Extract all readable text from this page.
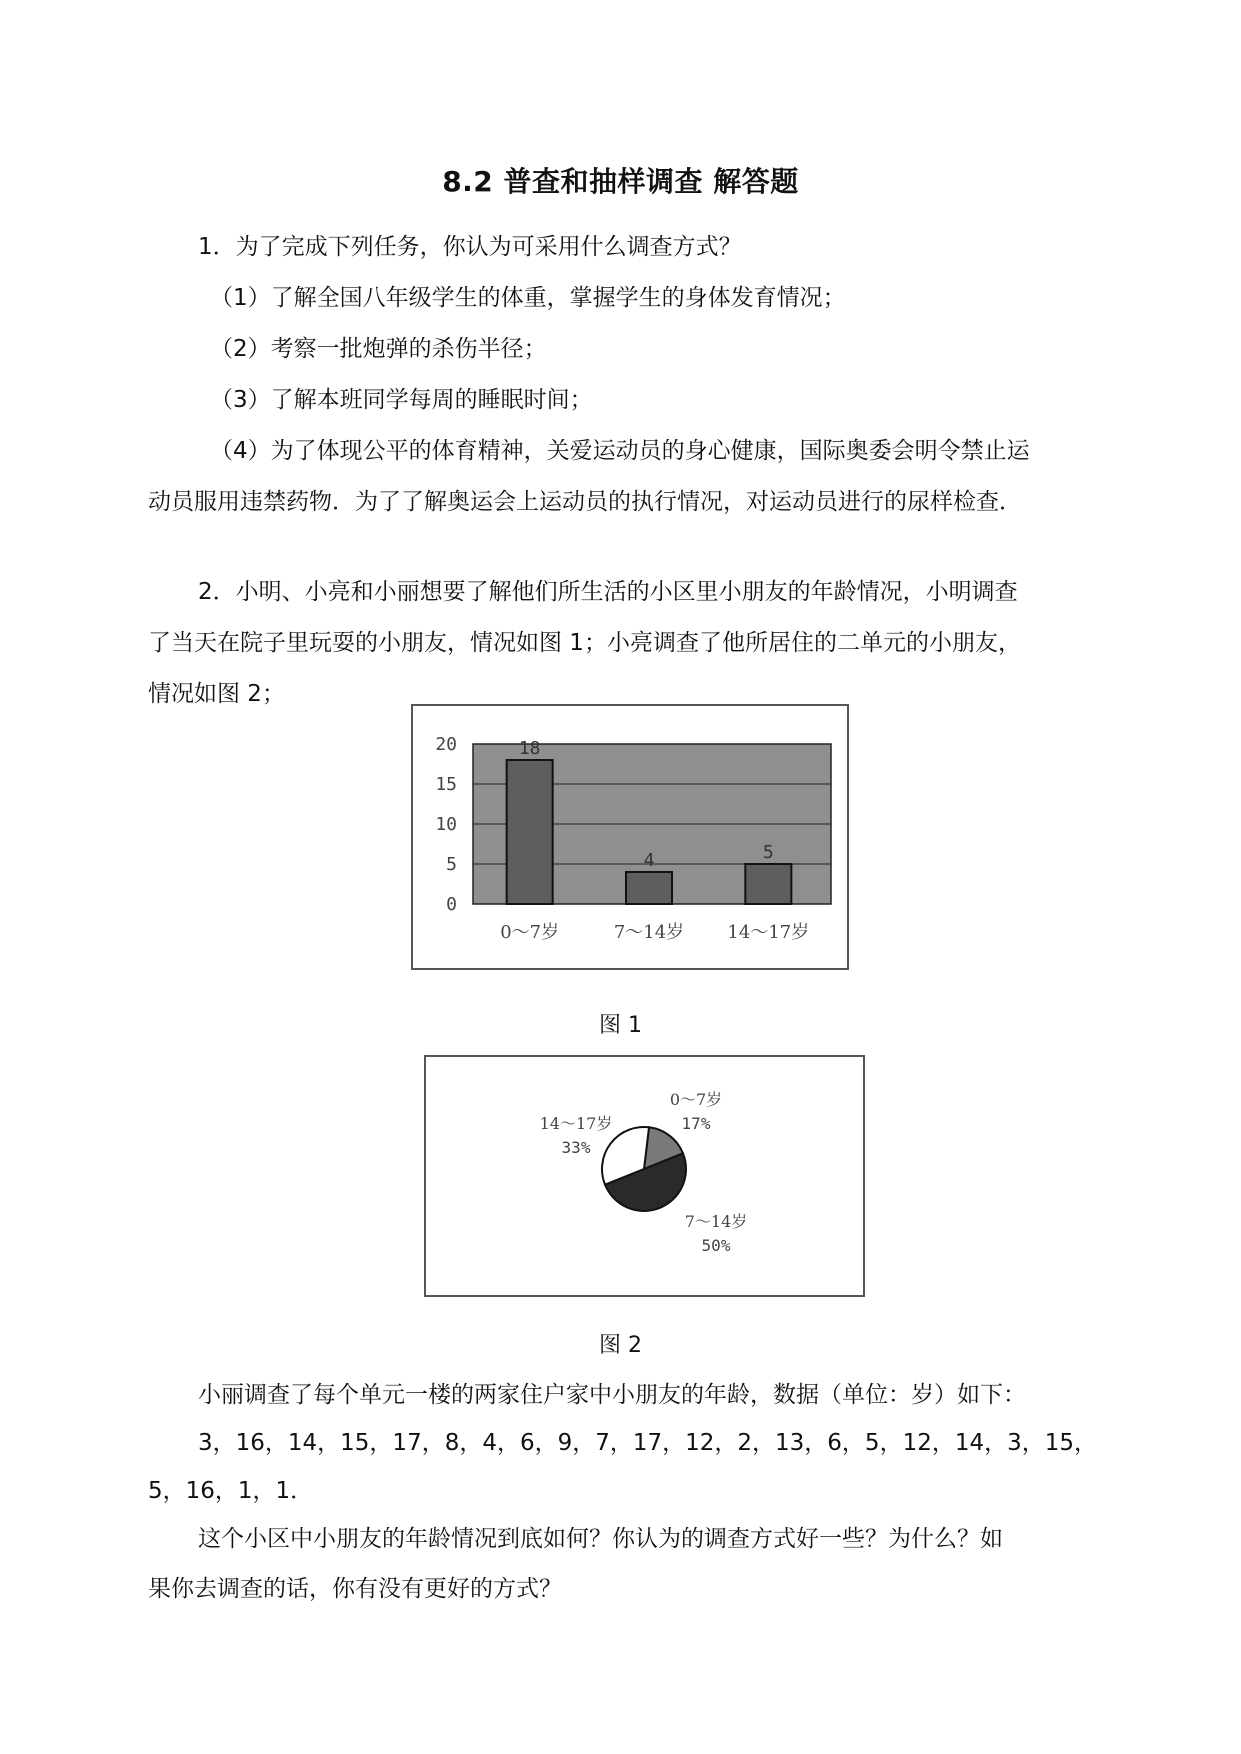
8.2 普查和抽样调查 解答题
1．为了完成下列任务，你认为可采用什么调查方式？
（1）了解全国八年级学生的体重，掌握学生的身体发育情况；
（2）考察一批炮弹的杀伤半径；
（3）了解本班同学每周的睡眠时间；
（4）为了体现公平的体育精神，关爱运动员的身心健康，国际奥委会明令禁止运
动员服用违禁药物．为了了解奥运会上运动员的执行情况，对运动员进行的尿样检查．
2．小明、小亮和小丽想要了解他们所生活的小区里小朋友的年龄情况，小明调查
了当天在院子里玩耍的小朋友，情况如图 1；小亮调查了他所居住的二单元的小朋友，
情况如图 2；
0
5
10
15
20	18
0～7岁
4
7～14岁
5
14～17岁
图 1
0～7岁
17%
7～14岁
50%
14～17岁
33%
图 2
小丽调查了每个单元一楼的两家住户家中小朋友的年龄，数据（单位：岁）如下：
3，16，14，15，17，8，4，6，9，7，17，12，2，13，6，5，12，14，3，15，
5，16，1，1．
这个小区中小朋友的年龄情况到底如何？你认为的调查方式好一些？为什么？如
果你去调查的话，你有没有更好的方式？
